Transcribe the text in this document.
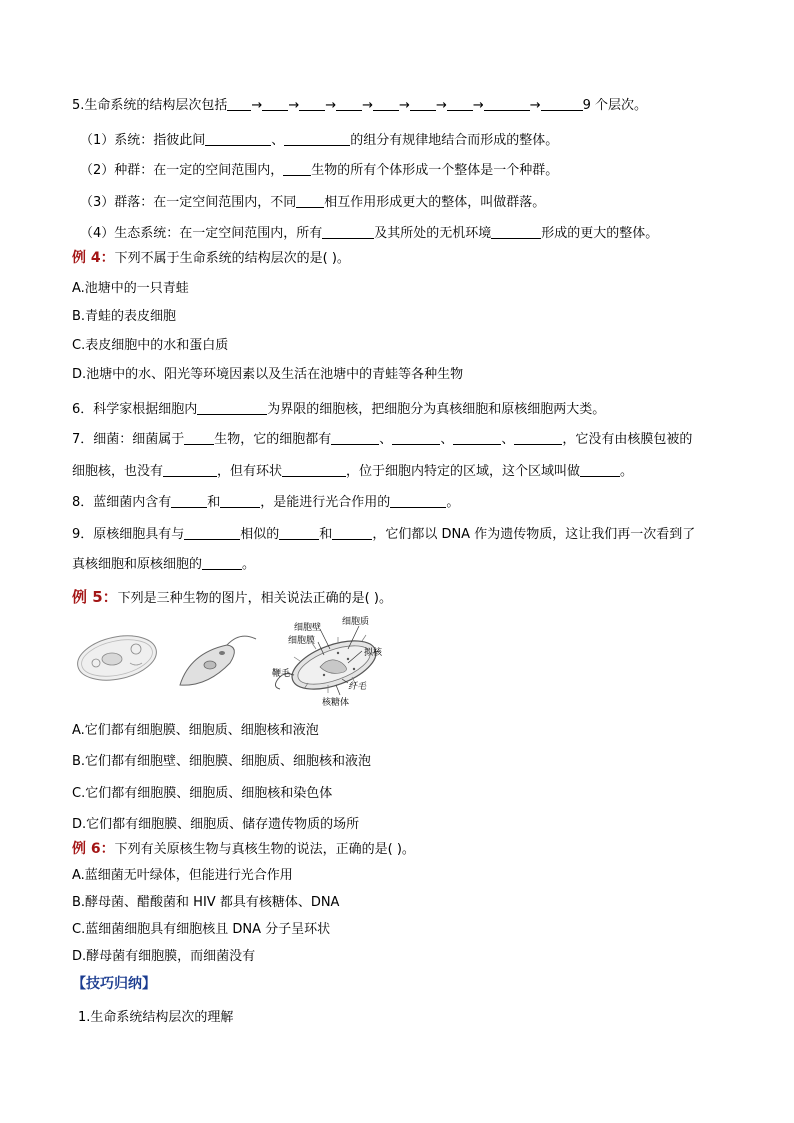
5.生命系统的结构层次包括 → → → → → → →	→	9 个层次。
（1）系统：指彼此间	、	的组分有规律地结合而形成的整体。
（2）种群：在一定的空间范围内， 生物的所有个体形成一个整体是一个种群。
（3）群落：在一定空间范围内，不同 相互作用形成更大的整体，叫做群落。
（4）生态系统：在一定空间范围内，所有	及其所处的无机环境	形成的更大的整体。
例 4：下列不属于生命系统的结构层次的是( )。
A.池塘中的一只青蛙
B.青蛙的表皮细胞
C.表皮细胞中的水和蛋白质
D.池塘中的水、阳光等环境因素以及生活在池塘中的青蛙等各种生物
6．科学家根据细胞内	为界限的细胞核，把细胞分为真核细胞和原核细胞两大类。
7．细菌：细菌属于 生物，它的细胞都有	、	、	、	，它没有由核膜包被的
细胞核，也没有	，但有环状	，位于细胞内特定的区域，这个区域叫做	。
8．蓝细菌内含有	和	，是能进行光合作用的	。
9．原核细胞具有与	相似的	和	，它们都以 DNA 作为遗传物质，这让我们再一次看到了
真核细胞和原核细胞的	。
例 5：下列是三种生物的图片，相关说法正确的是( )。
细胞壁
细胞膜
细胞质
拟核
鞭毛
纤毛
核糖体
A.它们都有细胞膜、细胞质、细胞核和液泡
B.它们都有细胞壁、细胞膜、细胞质、细胞核和液泡
C.它们都有细胞膜、细胞质、细胞核和染色体
D.它们都有细胞膜、细胞质、储存遗传物质的场所
例 6：下列有关原核生物与真核生物的说法，正确的是( )。
A.蓝细菌无叶绿体，但能进行光合作用
B.酵母菌、醋酸菌和 HIV 都具有核糖体、DNA
C.蓝细菌细胞具有细胞核且 DNA 分子呈环状
D.酵母菌有细胞膜，而细菌没有
【技巧归纳】
1.生命系统结构层次的理解
